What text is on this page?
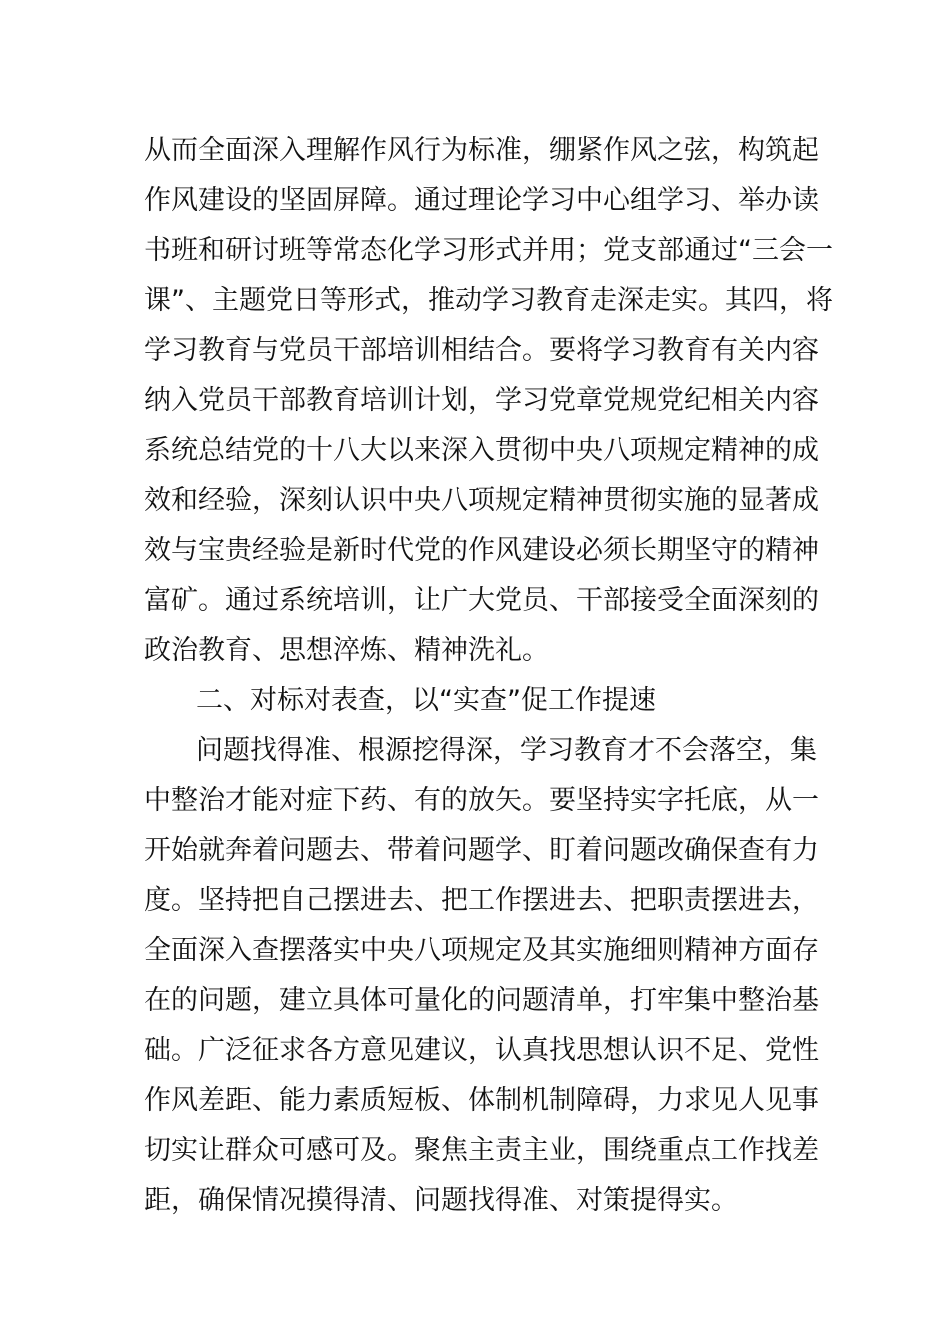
从而全面深入理解作风行为标准，绷紧作风之弦，构筑起
作风建设的坚固屏障。通过理论学习中心组学习、举办读
书班和研讨班等常态化学习形式并用；党支部通过“三会一
课”、主题党日等形式，推动学习教育走深走实。其四，将
学习教育与党员干部培训相结合。要将学习教育有关内容
纳入党员干部教育培训计划，学习党章党规党纪相关内容
系统总结党的十八大以来深入贯彻中央八项规定精神的成
效和经验，深刻认识中央八项规定精神贯彻实施的显著成
效与宝贵经验是新时代党的作风建设必须长期坚守的精神
富矿。通过系统培训，让广大党员、干部接受全面深刻的
政治教育、思想淬炼、精神洗礼。
二、对标对表查，以“实查”促工作提速
问题找得准、根源挖得深，学习教育才不会落空，集
中整治才能对症下药、有的放矢。要坚持实字托底，从一
开始就奔着问题去、带着问题学、盯着问题改确保查有力
度。坚持把自己摆进去、把工作摆进去、把职责摆进去，
全面深入查摆落实中央八项规定及其实施细则精神方面存
在的问题，建立具体可量化的问题清单，打牢集中整治基
础。广泛征求各方意见建议，认真找思想认识不足、党性
作风差距、能力素质短板、体制机制障碍，力求见人见事
切实让群众可感可及。聚焦主责主业，围绕重点工作找差
距，确保情况摸得清、问题找得准、对策提得实。
